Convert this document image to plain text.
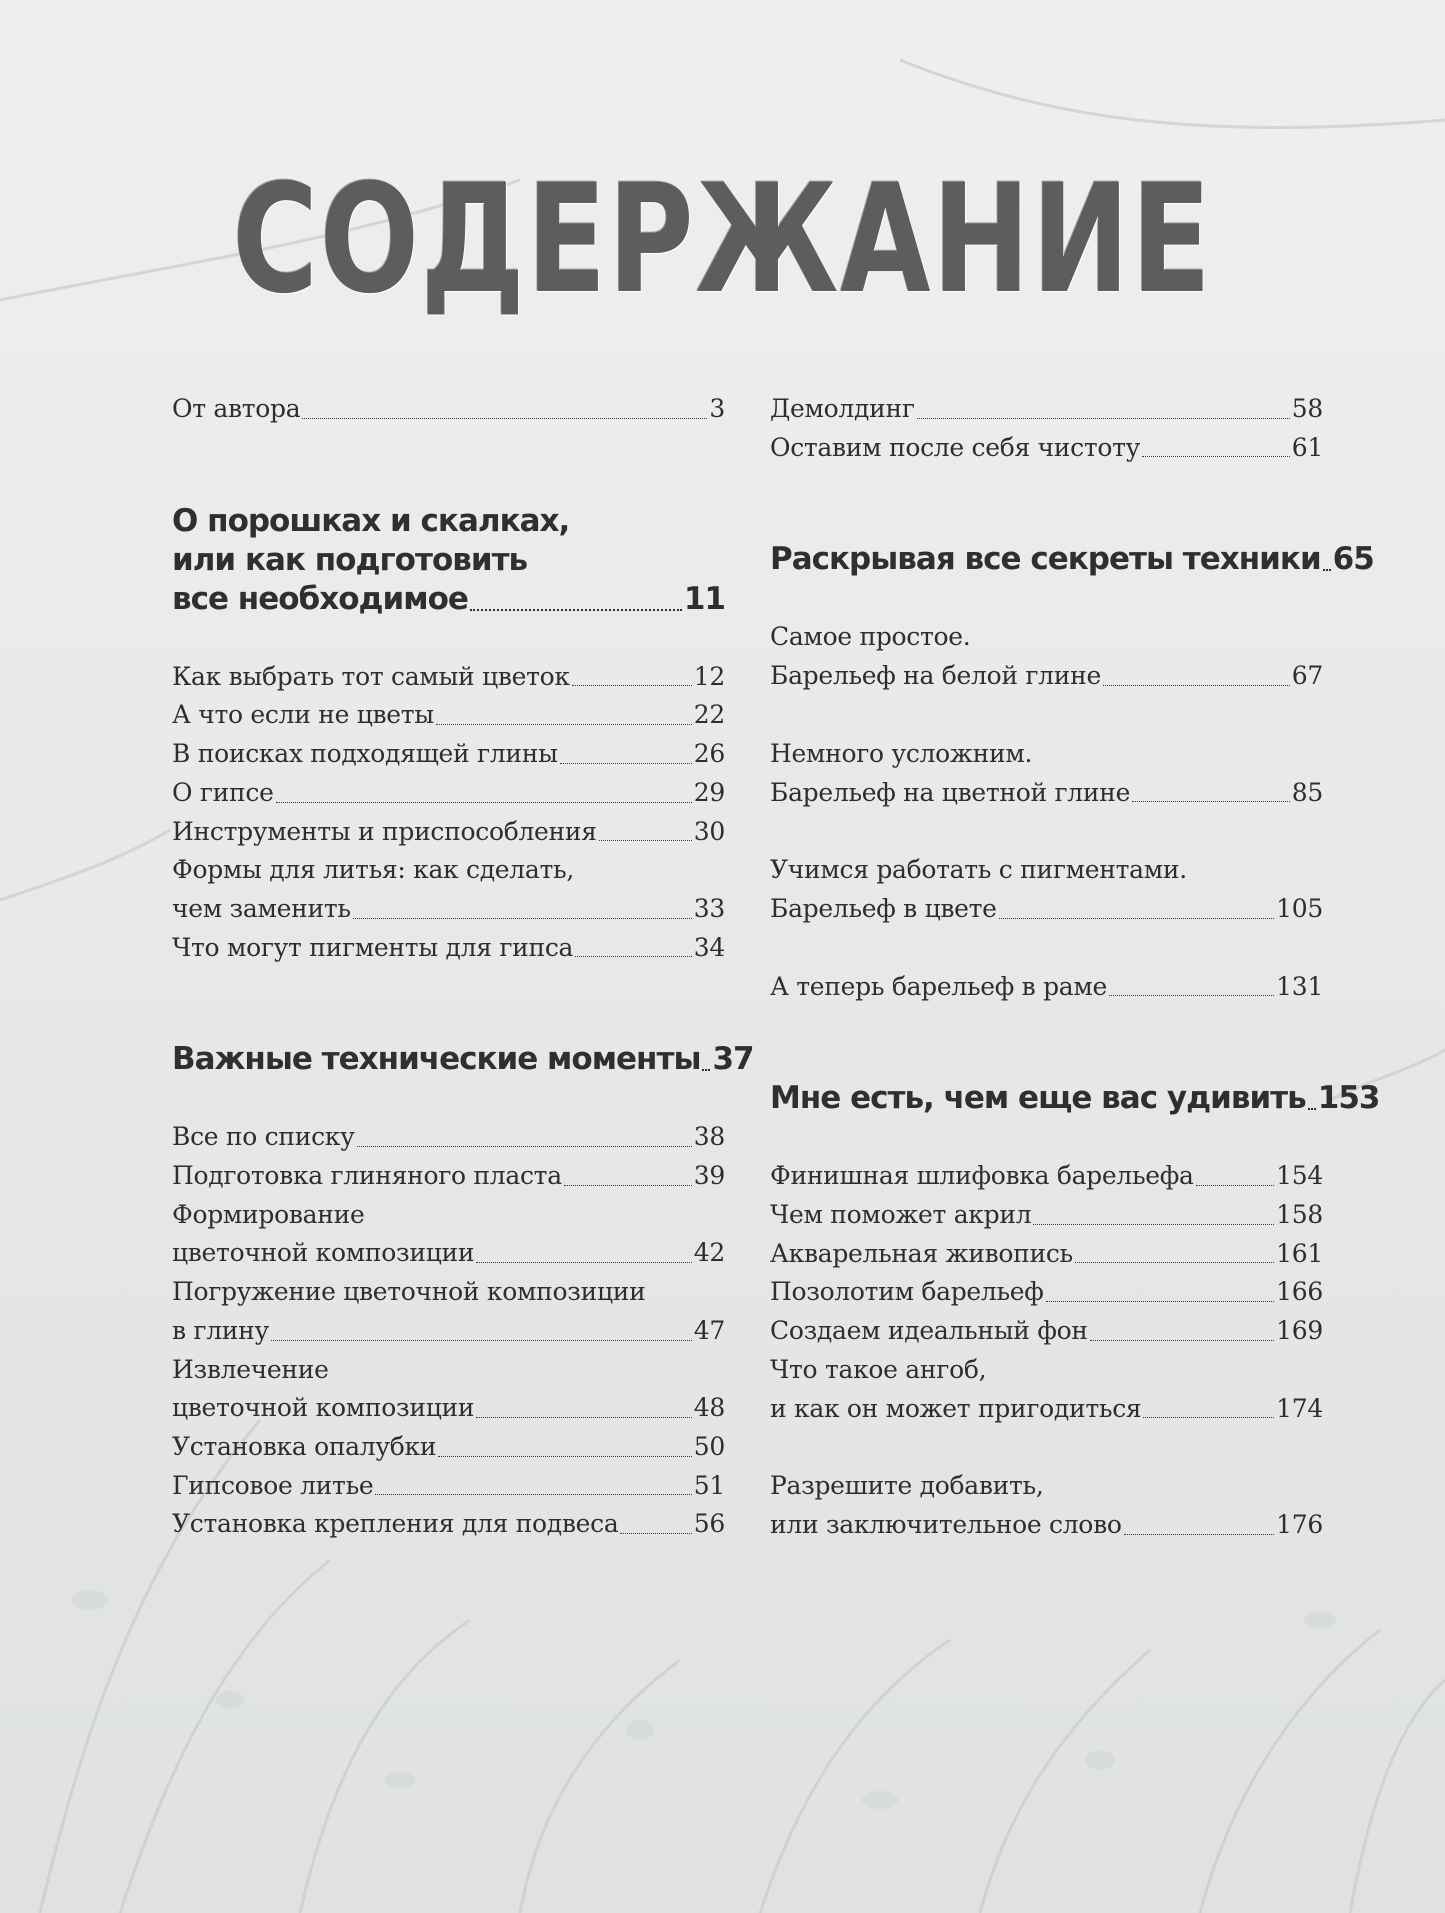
СОДЕРЖАНИЕ
От автора	3
О порошках и скалках,
или как подготовить
все необходимое	11
Как выбрать тот самый цветок	12
А что если не цветы	22
В поисках подходящей глины	26
О гипсе	29
Инструменты и приспособления	30
Формы для литья: как сделать,
чем заменить	33
Что могут пигменты для гипса	34
Важные технические моменты 37
Все по списку	38
Подготовка глиняного пласта	39
Формирование
цветочной композиции	42
Погружение цветочной композиции
в глину	47
Извлечение
цветочной композиции	48
Установка опалубки	50
Гипсовое литье	51
Установка крепления для подвеса	56
Демолдинг	58
Оставим после себя чистоту	61
Раскрывая все секреты техники 65
Самое простое.
Барельеф на белой глине	67
Немного усложним.
Барельеф на цветной глине	85
Учимся работать с пигментами.
Барельеф в цвете	105
А теперь барельеф в раме	131
Мне есть, чем еще вас удивить 153
Финишная шлифовка барельефа	154
Чем поможет акрил	158
Акварельная живопись	161
Позолотим барельеф	166
Создаем идеальный фон	169
Что такое ангоб,
и как он может пригодиться	174
Разрешите добавить,
или заключительное слово	176
